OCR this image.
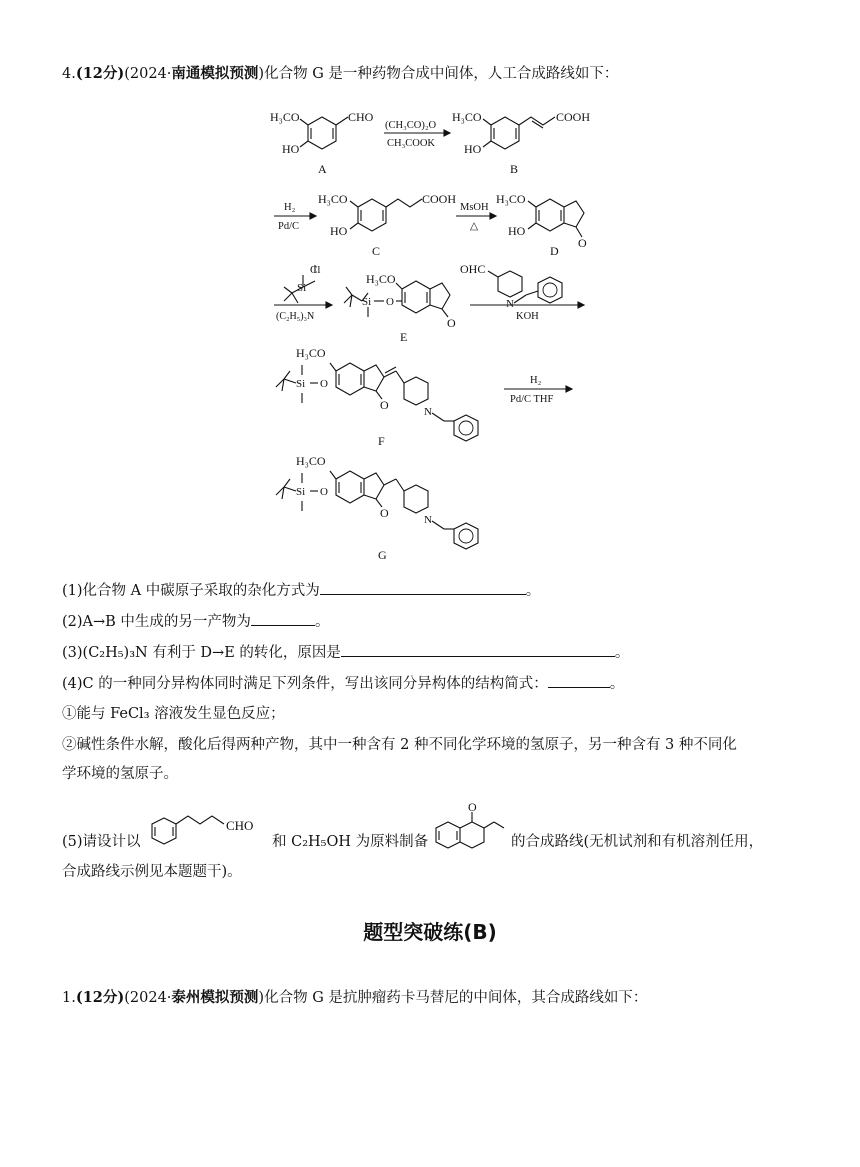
4.(12分)(2024·南通模拟预测)化合物 G 是一种药物合成中间体，人工合成路线如下：
H₃CO	CHO
HO
A
(CH₃CO)₂O
CH₃COOK
H₃CO	COOH
HO
B
H₂
Pd/C
H₃CO	COOH
HO
C
MsOH
△
H₃CO
O
HO
D
Si
Cl
(C₂H₅)₃N
Si O
H₃CO
O
E
OHC
N
KOH
Si O
H₃CO
O	N
F
H₂
Pd/C THF
Si O
H₃CO
O	N
G
(1)化合物 A 中碳原子采取的杂化方式为	。
(2)A→B 中生成的另一产物为	。
(3)(C₂H₅)₃N 有利于 D→E 的转化，原因是	。
(4)C 的一种同分异构体同时满足下列条件，写出该同分异构体的结构简式：	。
①能与 FeCl₃ 溶液发生显色反应；
②碱性条件水解，酸化后得两种产物，其中一种含有 2 种不同化学环境的氢原子，另一种含有 3 种不同化
学环境的氢原子。
(5)请设计以
CHO
和 C₂H₅OH 为原料制备
O
的合成路线(无机试剂和有机溶剂任用，
合成路线示例见本题题干)。
题型突破练(B)
1.(12分)(2024·泰州模拟预测)化合物 G 是抗肿瘤药卡马替尼的中间体，其合成路线如下：
